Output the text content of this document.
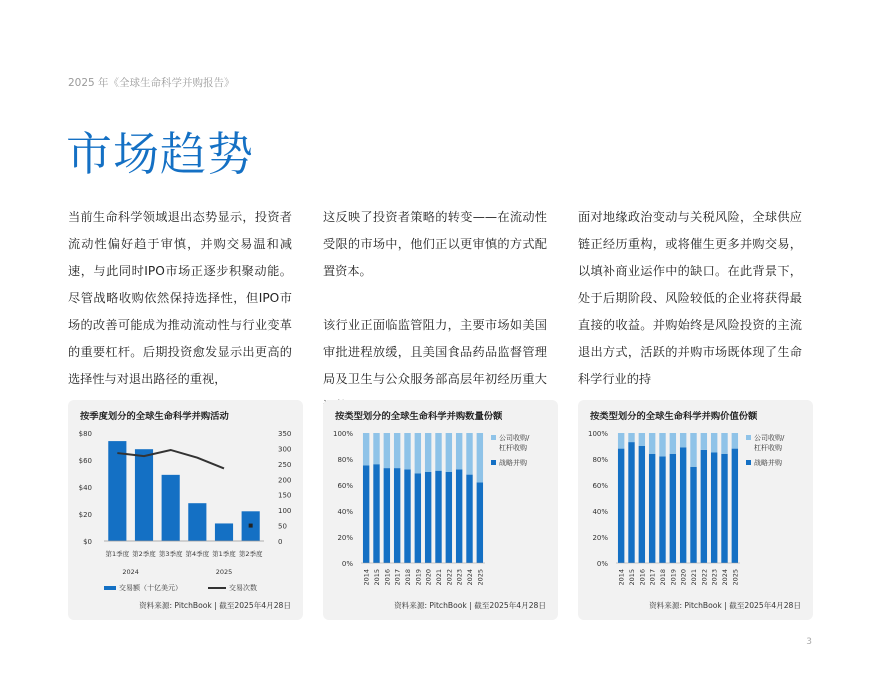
2025 年《全球生命科学并购报告》
市场趋势

当前生命科学领域退出态势显示，投资者流动性偏好趋于审慎，并购交易温和减速，与此同时IPO市场正逐步积聚动能。尽管战略收购依然保持选择性，但IPO市场的改善可能成为推动流动性与行业变革的重要杠杆。后期投资愈发显示出更高的选择性与对退出路径的重视，

这反映了投资者策略的转变——在流动性受限的市场中，他们正以更审慎的方式配置资本。

该行业正面临监管阻力，主要市场如美国审批进程放缓，且美国食品药品监督管理局及卫生与公众服务部高层年初经历重大

面对地缘政治变动与关税风险，全球供应链正经历重构，或将催生更多并购交易，以填补商业运作中的缺口。在此背景下，处于后期阶段、风险较低的企业将获得最直接的收益。并购始终是风险投资的主流退出方式，活跃的并购市场既体现了生命科学行业的持

按季度划分的全球生命科学并购活动
$80
$60
$40
$20
$0
350
300
250
200
150
100
50
0
第1季度 第2季度 第3季度 第4季度 第1季度 第2季度
2024	2025
交易额（十亿美元）	交易次数
资料来源: PitchBook | 截至2025年4月28日
按类型划分的全球生命科学并购数量份额
100%
80%
60%
40%
20%
0%
2014 2015 2016 2017 2018 2019 2020 2021 2022 2023 2024 2025
公司收购/杠杆收购
战略并购
资料来源: PitchBook | 截至2025年4月28日
按类型划分的全球生命科学并购价值份额
100%
80%
60%
40%
20%
0%
2014 2015 2016 2017 2018 2019 2020 2021 2022 2023 2024 2025
公司收购/杠杆收购
战略并购
资料来源: PitchBook | 截至2025年4月28日
3
